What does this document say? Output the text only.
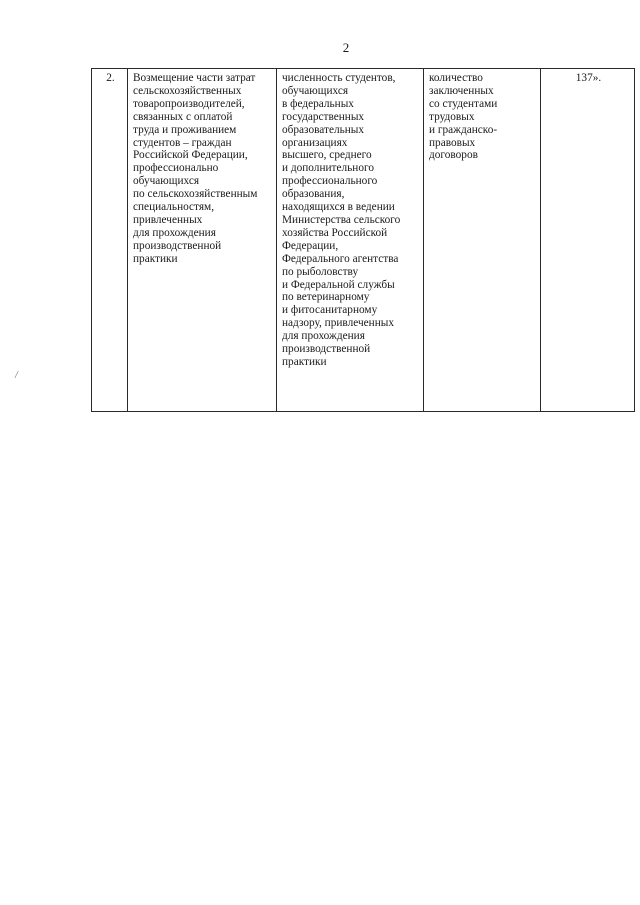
2
/
2.	Возмещение части затрат
сельскохозяйственных
товаропроизводителей,
связанных с оплатой
труда и проживанием
студентов – граждан
Российской Федерации,
профессионально
обучающихся
по сельскохозяйственным
специальностям,
привлеченных
для прохождения
производственной
практики	численность студентов,
обучающихся
в федеральных
государственных
образовательных
организациях
высшего, среднего
и дополнительного
профессионального
образования,
находящихся в ведении
Министерства сельского
хозяйства Российской
Федерации,
Федерального агентства
по рыболовству
и Федеральной службы
по ветеринарному
и фитосанитарному
надзору, привлеченных
для прохождения
производственной
практики	количество
заключенных
со студентами
трудовых
и гражданско-
правовых
договоров	137».
